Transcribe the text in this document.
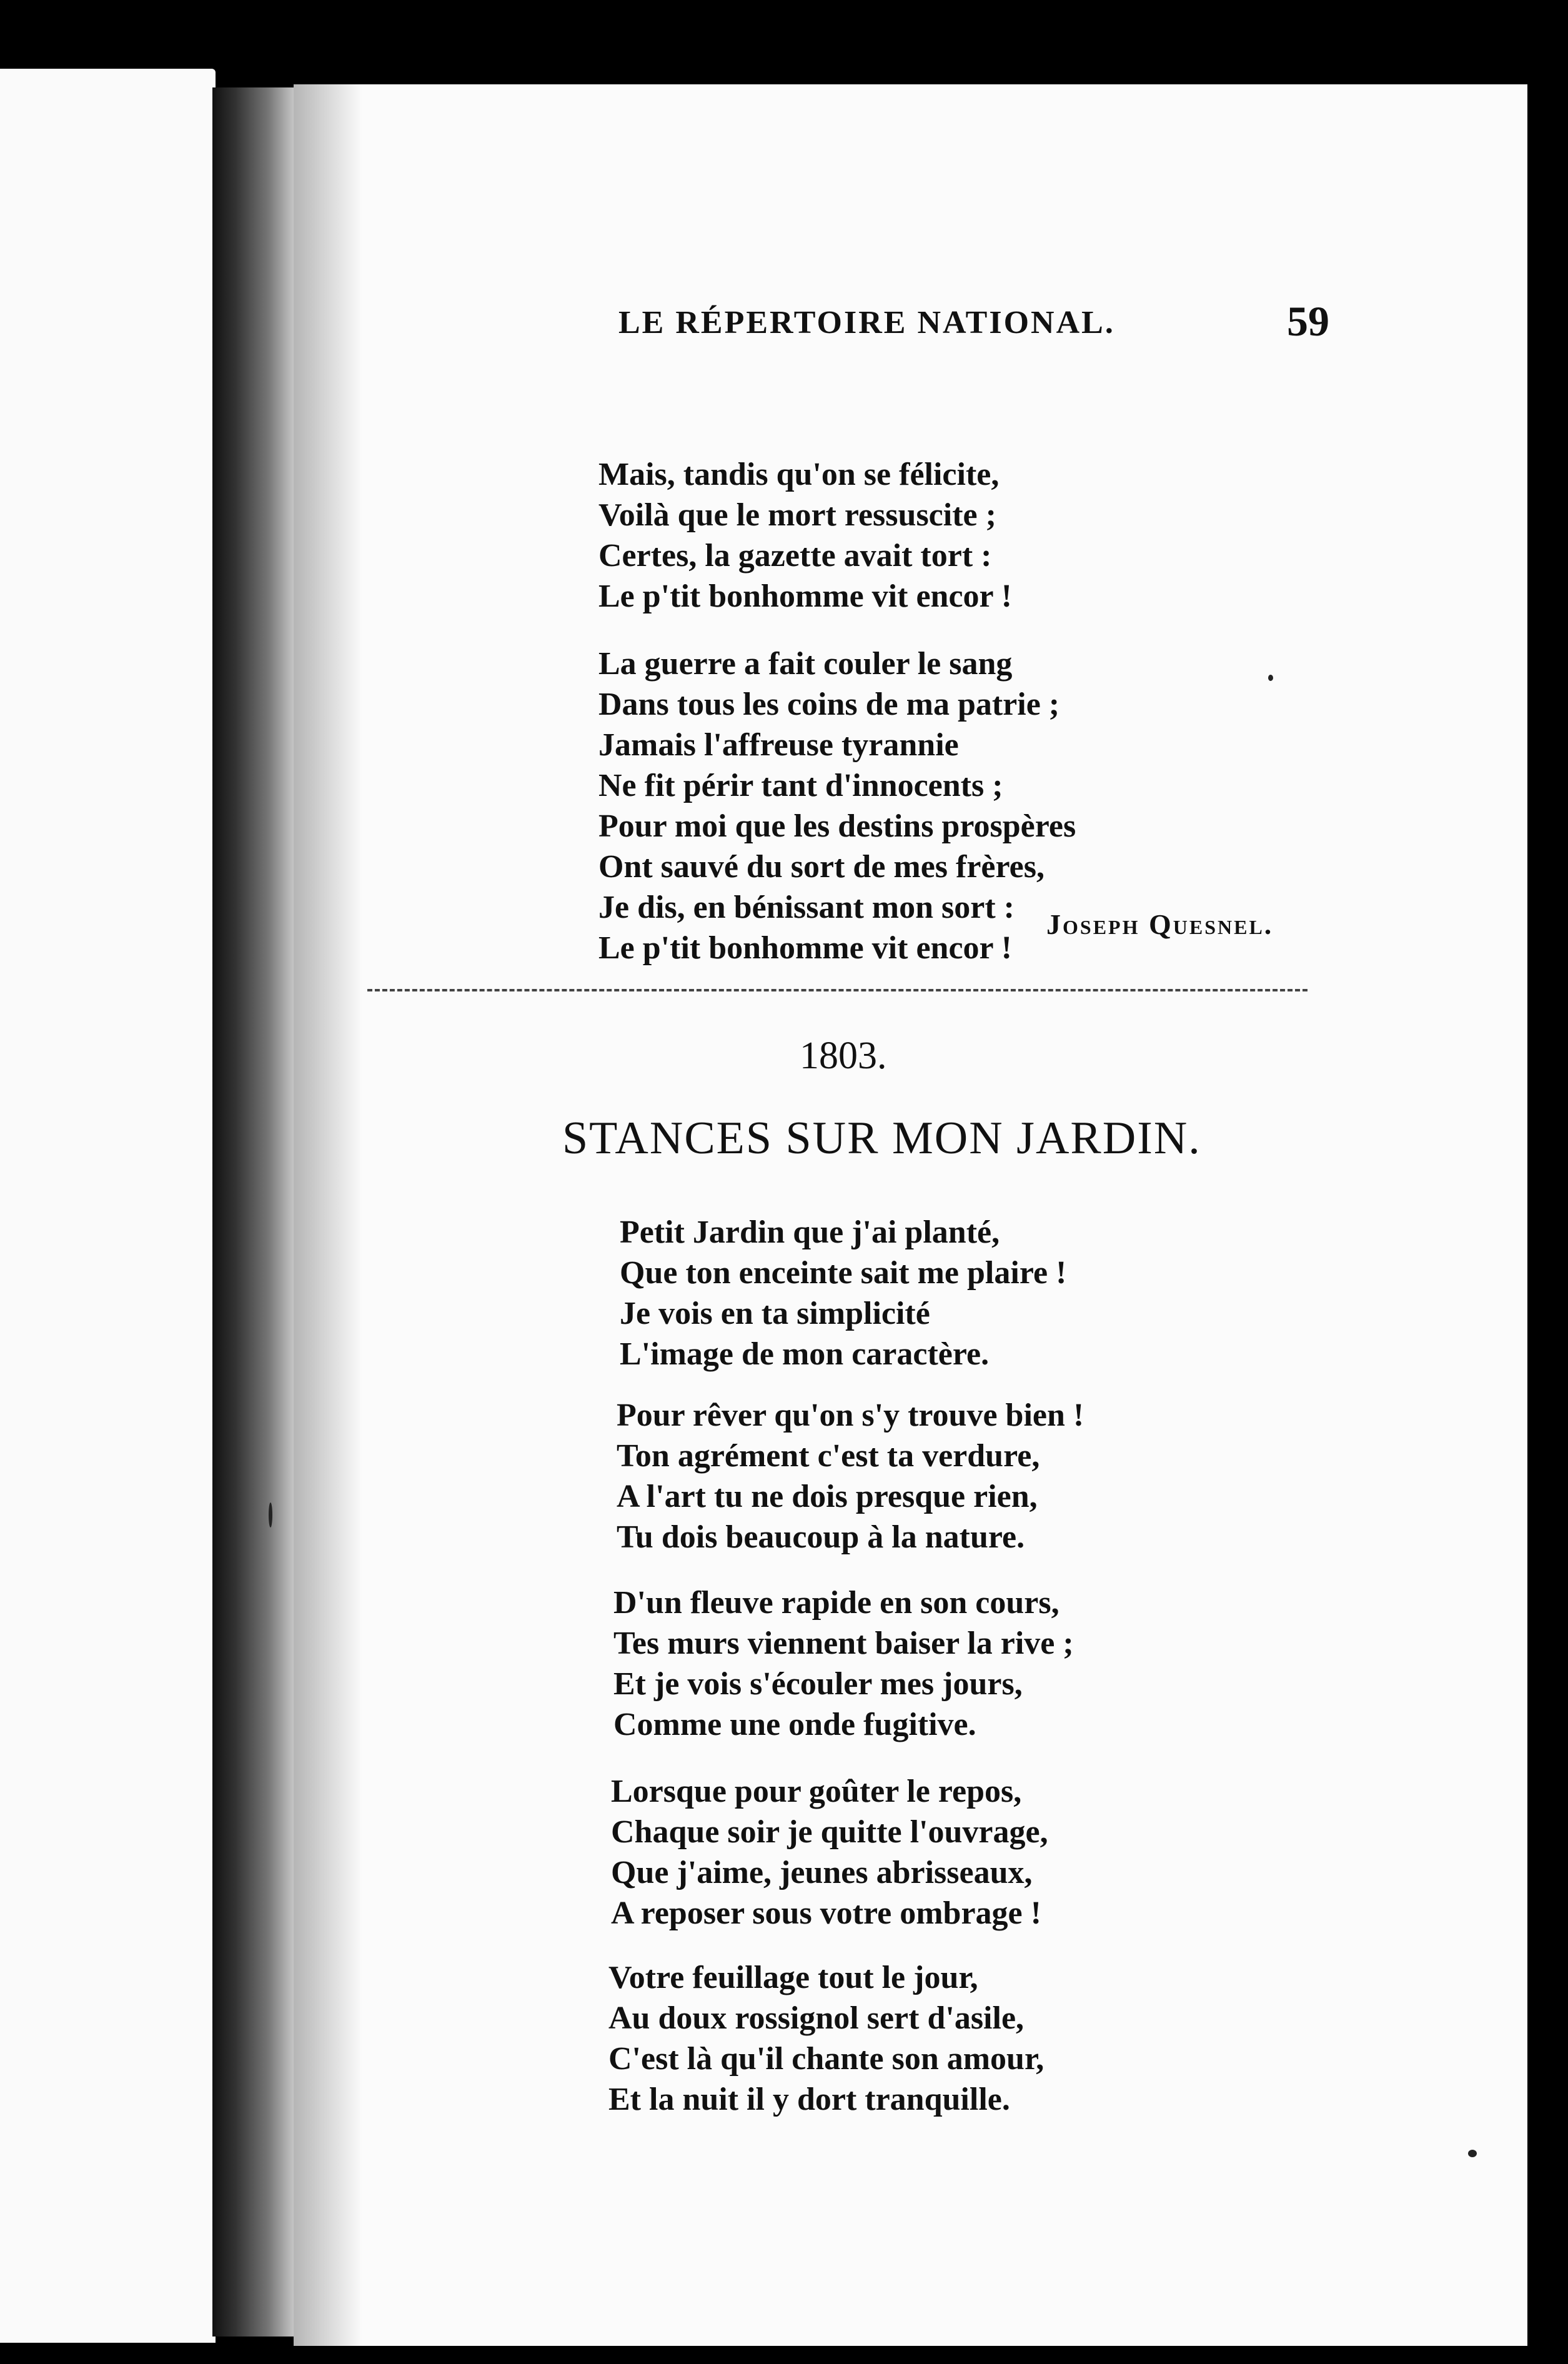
LE RÉPERTOIRE NATIONAL.	59
Mais, tandis qu'on se félicite,
Voilà que le mort ressuscite ;
Certes, la gazette avait tort :
Le p'tit bonhomme vit encor !
La guerre a fait couler le sang
Dans tous les coins de ma patrie ;
Jamais l'affreuse tyrannie
Ne fit périr tant d'innocents ;
Pour moi que les destins prospères
Ont sauvé du sort de mes frères,
Je dis, en bénissant mon sort :
Le p'tit bonhomme vit encor !
Joseph Quesnel.
1803.
STANCES SUR MON JARDIN.
Petit Jardin que j'ai planté,
Que ton enceinte sait me plaire !
Je vois en ta simplicité
L'image de mon caractère.
Pour rêver qu'on s'y trouve bien !
Ton agrément c'est ta verdure,
A l'art tu ne dois presque rien,
Tu dois beaucoup à la nature.
D'un fleuve rapide en son cours,
Tes murs viennent baiser la rive ;
Et je vois s'écouler mes jours,
Comme une onde fugitive.
Lorsque pour goûter le repos,
Chaque soir je quitte l'ouvrage,
Que j'aime, jeunes abrisseaux,
A reposer sous votre ombrage !
Votre feuillage tout le jour,
Au doux rossignol sert d'asile,
C'est là qu'il chante son amour,
Et la nuit il y dort tranquille.
